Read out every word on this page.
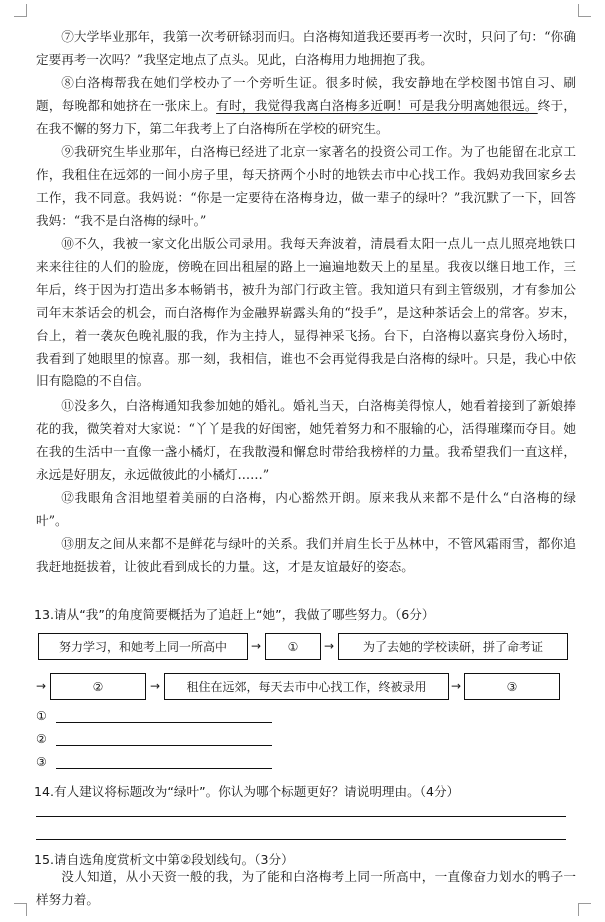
⑦大学毕业那年，我第一次考研铩羽而归。白洛梅知道我还要再考一次时，只问了句：“你确定要再考一次吗？”我坚定地点了点头。见此，白洛梅用力地拥抱了我。

⑧白洛梅帮我在她们学校办了一个旁听生证。很多时候，我安静地在学校图书馆自习、刷题，每晚都和她挤在一张床上。有时，我觉得我离白洛梅多近啊！可是我分明离她很远。终于，在我不懈的努力下，第二年我考上了白洛梅所在学校的研究生。

⑨我研究生毕业那年，白洛梅已经进了北京一家著名的投资公司工作。为了也能留在北京工作，我租住在远郊的一间小房子里，每天挤两个小时的地铁去市中心找工作。我妈劝我回家乡去工作，我不同意。我妈说：“你是一定要待在洛梅身边，做一辈子的绿叶？”我沉默了一下，回答我妈：“我不是白洛梅的绿叶。”

⑩不久，我被一家文化出版公司录用。我每天奔波着，清晨看太阳一点儿一点儿照亮地铁口来来往往的人们的脸庞，傍晚在回出租屋的路上一遍遍地数天上的星星。我夜以继日地工作，三年后，终于因为打造出多本畅销书，被升为部门行政主管。我知道只有到主管级别，才有参加公司年末茶话会的机会，而白洛梅作为金融界崭露头角的“投手”，是这种茶话会上的常客。岁末，台上，着一袭灰色晚礼服的我，作为主持人，显得神采飞扬。台下，白洛梅以嘉宾身份入场时，我看到了她眼里的惊喜。那一刻，我相信，谁也不会再觉得我是白洛梅的绿叶。只是，我心中依旧有隐隐的不自信。

⑪没多久，白洛梅通知我参加她的婚礼。婚礼当天，白洛梅美得惊人，她看着接到了新娘捧花的我，微笑着对大家说：“丫丫是我的好闺密，她凭着努力和不服输的心，活得璀璨而夺目。她在我的生活中一直像一盏小橘灯，在我散漫和懈怠时带给我榜样的力量。我希望我们一直这样，永远是好朋友，永远做彼此的小橘灯……”

⑫我眼角含泪地望着美丽的白洛梅，内心豁然开朗。原来我从来都不是什么“白洛梅的绿叶”。

⑬朋友之间从来都不是鲜花与绿叶的关系。我们并肩生长于丛林中，不管风霜雨雪，都你追我赶地挺拔着，让彼此看到成长的力量。这，才是友谊最好的姿态。

13.请从“我”的角度简要概括为了追赶上“她”，我做了哪些努力。（6分）

努力学习，和她考上同一所高中	→	①	→	为了去她的学校读研，拼了命考证
→	②	→	租住在远郊，每天去市中心找工作，终被录用	→	③
①
②
③

14.有人建议将标题改为“绿叶”。你认为哪个标题更好？请说明理由。（4分）

15.请自选角度赏析文中第②段划线句。（3分）

没人知道，从小天资一般的我，为了能和白洛梅考上同一所高中，一直像奋力划水的鸭子一样努力着。
